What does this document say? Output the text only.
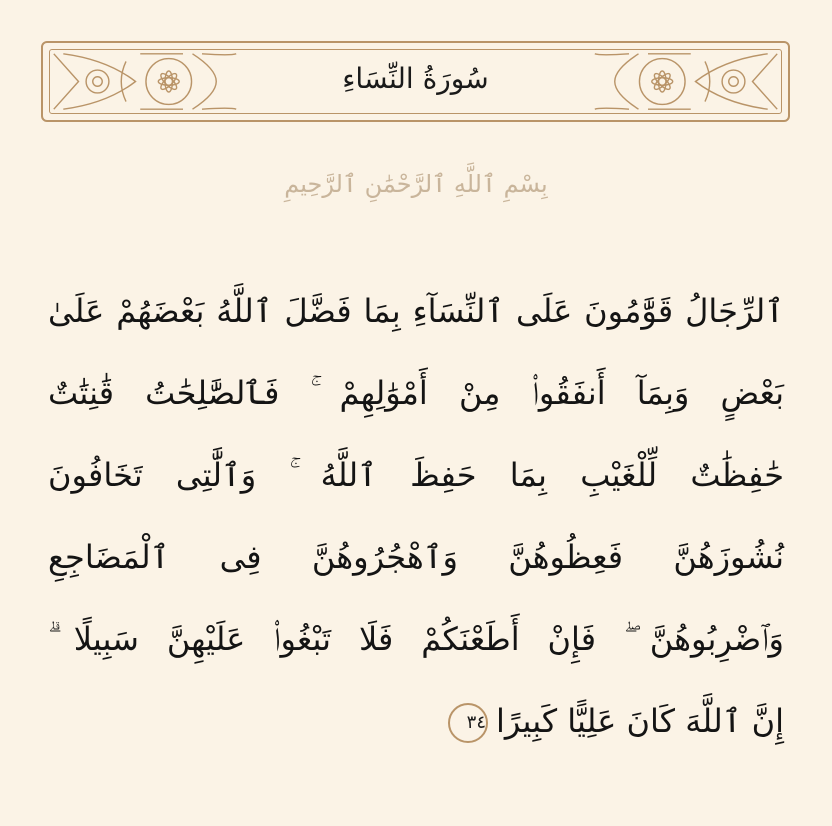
سُورَةُ النِّسَاءِ
بِسْمِ ٱللَّهِ ٱلرَّحْمَٰنِ ٱلرَّحِيمِ
ٱلرِّجَالُ قَوَّٰمُونَ عَلَى ٱلنِّسَآءِ بِمَا فَضَّلَ ٱللَّهُ بَعْضَهُمْ عَلَىٰ
بَعْضٍ وَبِمَآ أَنفَقُوا۟ مِنْ أَمْوَٰلِهِمْ ۚ فَٱلصَّٰلِحَٰتُ قَٰنِتَٰتٌ
حَٰفِظَٰتٌ لِّلْغَيْبِ بِمَا حَفِظَ ٱللَّهُ ۚ وَٱلَّٰتِى تَخَافُونَ
نُشُوزَهُنَّ فَعِظُوهُنَّ وَٱهْجُرُوهُنَّ فِى ٱلْمَضَاجِعِ
وَٱضْرِبُوهُنَّ ۖ فَإِنْ أَطَعْنَكُمْ فَلَا تَبْغُوا۟ عَلَيْهِنَّ سَبِيلًا ۗ
إِنَّ ٱللَّهَ كَانَ عَلِيًّا كَبِيرًا٣٤
